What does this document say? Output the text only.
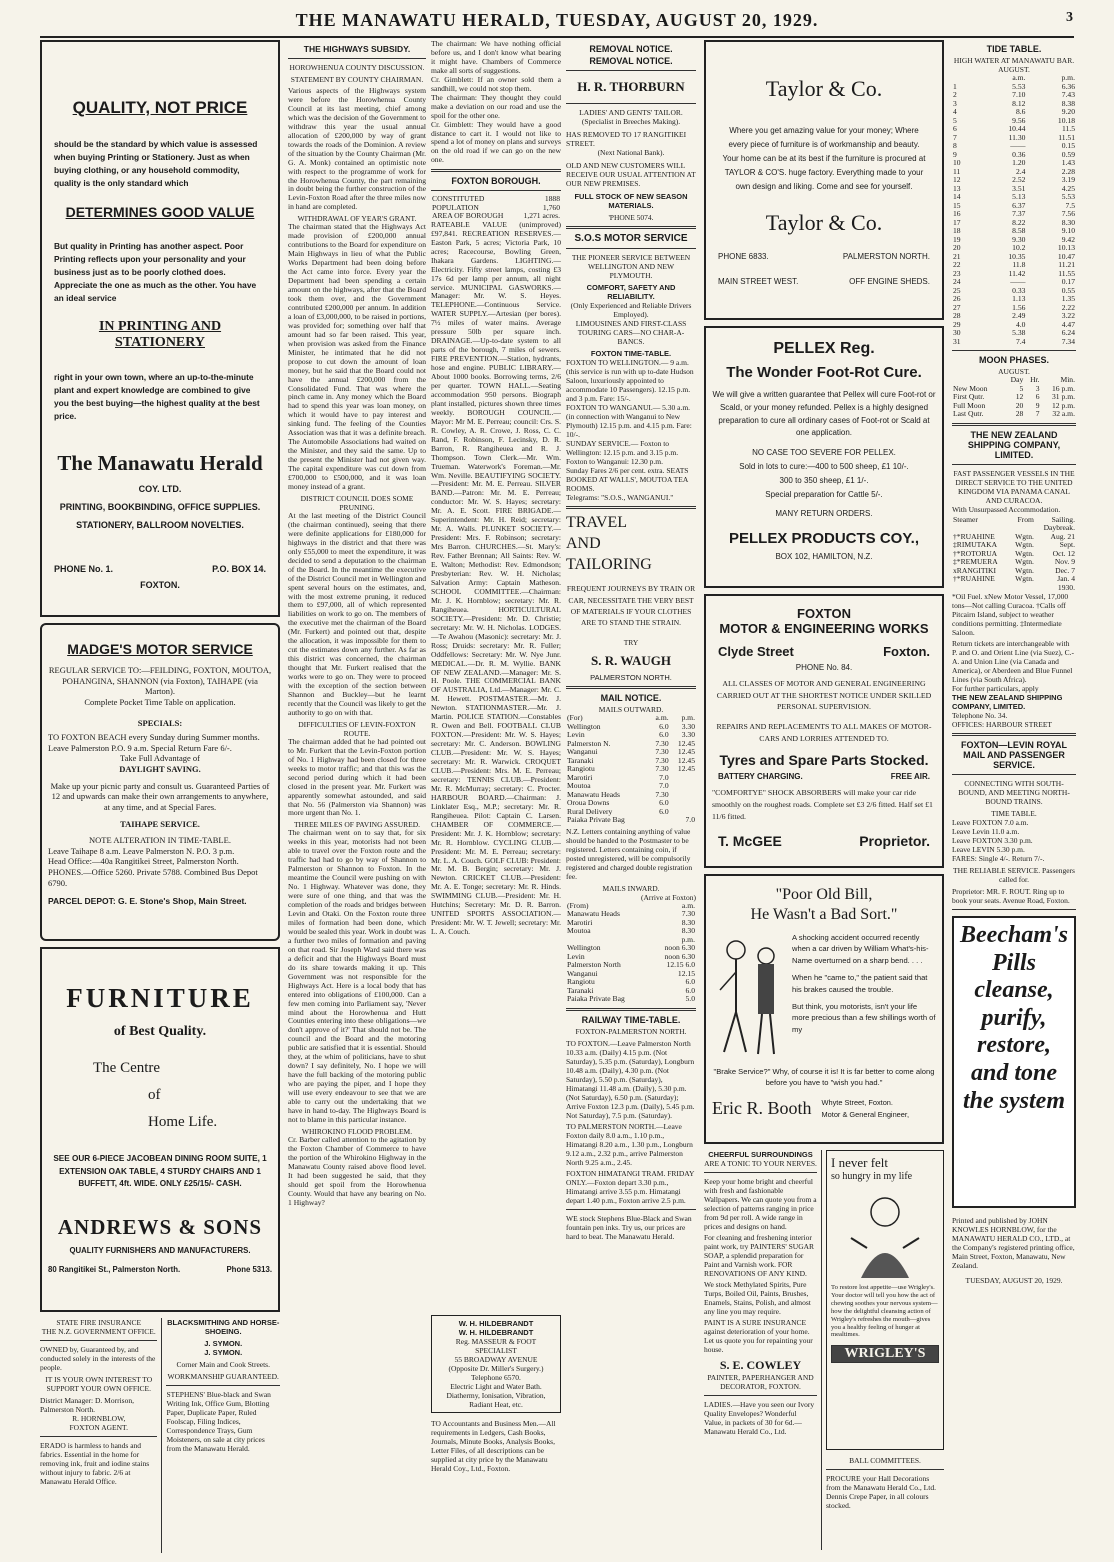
THE MANAWATU HERALD, TUESDAY, AUGUST 20, 1929.	3
QUALITY, NOT PRICE
should be the standard by which value is assessed when buying Printing or Stationery. Just as when buying clothing, or any household commodity, quality is the only standard which
DETERMINES GOOD VALUE
But quality in Printing has another aspect. Poor Printing reflects upon your personality and your business just as to be poorly clothed does. Appreciate the one as much as the other. You have an ideal service
IN PRINTING AND STATIONERY
right in your own town, where an up-to-the-minute plant and expert knowledge are combined to give you the best buying—the highest quality at the best price.
The Manawatu Herald
COY. LTD.
PRINTING, BOOKBINDING, OFFICE SUPPLIES.
STATIONERY, BALLROOM NOVELTIES.
PHONE No. 1.	P.O. BOX 14.
FOXTON.
MADGE'S MOTOR SERVICE
REGULAR SERVICE TO:—FEILDING, FOXTON, MOUTOA, POHANGINA, SHANNON (via Foxton), TAIHAPE (via Marton).
Complete Pocket Time Table on application.
SPECIALS:
TO FOXTON BEACH every Sunday during Summer months. Leave Palmerston P.O. 9 a.m. Special Return Fare 6/-.
Take Full Advantage of
DAYLIGHT SAVING.
Make up your picnic party and consult us. Guaranteed Parties of 12 and upwards can make their own arrangements to anywhere, at any time, and at Special Fares.
TAIHAPE SERVICE.
NOTE ALTERATION IN TIME-TABLE.
Leave Taihape 8 a.m. Leave Palmerston N. P.O. 3 p.m.
Head Office:—40a Rangitikei Street, Palmerston North. PHONES.—Office 5260. Private 5788. Combined Bus Depot 6790.
PARCEL DEPOT: G. E. Stone's Shop, Main Street.
FURNITURE
of Best Quality.
The Centre
of
Home Life.
SEE OUR 6-PIECE JACOBEAN DINING ROOM SUITE, 1 EXTENSION OAK TABLE, 4 STURDY CHAIRS AND 1 BUFFETT, 4ft. WIDE. ONLY £25/15/- CASH.
ANDREWS & SONS
QUALITY FURNISHERS AND MANUFACTURERS.
80 Rangitikei St., Palmerston North.	Phone 5313.
STATE FIRE INSURANCE
THE N.Z. GOVERNMENT OFFICE.
OWNED by, Guaranteed by, and conducted solely in the interests of the people.
IT IS YOUR OWN INTEREST TO SUPPORT YOUR OWN OFFICE.
District Manager: D. Morrison, Palmerston North.
R. HORNBLOW,
FOXTON AGENT.
ERADO is harmless to hands and fabrics. Essential in the home for removing ink, fruit and iodine stains without injury to fabric. 2/6 at Manawatu Herald Office.
BLACKSMITHING AND HORSE-SHOEING.
J. SYMON.
J. SYMON.
Corner Main and Cook Streets.
WORKMANSHIP GUARANTEED.
STEPHENS' Blue-black and Swan Writing Ink, Office Gum, Blotting Paper, Duplicate Paper, Ruled Foolscap, Filing Indices, Correspondence Trays, Gum Moisteners, on sale at city prices from the Manawatu Herald.
THE HIGHWAYS SUBSIDY.
HOROWHENUA COUNTY DISCUSSION.
STATEMENT BY COUNTY CHAIRMAN.
Various aspects of the Highways system were before the Horowhenua County Council at its last meeting, chief among which was the decision of the Government to withdraw this year the usual annual allocation of £200,000 by way of grant towards the roads of the Dominion. A review of the situation by the County Chairman (Mr. G. A. Monk) contained an optimistic note with respect to the programme of work for the Horowhenua County, the part remaining in doubt being the further construction of the Levin-Foxton Road after the three miles now in hand are completed.
WITHDRAWAL OF YEAR'S GRANT.
The chairman stated that the Highways Act made provision of £200,000 annual contributions to the Board for expenditure on Main Highways in lieu of what the Public Works Department had been doing before the Act came into force. Every year the Department had been spending a certain amount on the highways, after that the Board took them over, and the Government contributed £200,000 per annum. In addition a loan of £3,000,000, to be raised in portions, was provided for; something over half that amount had so far been raised. This year, when provision was asked from the Finance Minister, he intimated that he did not propose to cut down the amount of loan money, but he said that the Board could not have the annual £200,000 from the Consolidated Fund. That was where the pinch came in. Any money which the Board had to spend this year was loan money, on which it would have to pay interest and sinking fund. The feeling of the Counties Association was that it was a definite breach. The Automobile Associations had waited on the Minister, and they said the same. Up to the present the Minister had not given way. The capital expenditure was cut down from £700,000 to £500,000, and it was loan money instead of a grant.
DISTRICT COUNCIL DOES SOME PRUNING.
At the last meeting of the District Council (the chairman continued), seeing that there were definite applications for £180,000 for highways in the district and that there was only £55,000 to meet the expenditure, it was decided to send a deputation to the chairman of the Board. In the meantime the executive of the District Council met in Wellington and spent several hours on the estimates, and, with the most extreme pruning, it reduced them to £97,000, all of which represented liabilities on work to go on. The members of the executive met the chairman of the Board (Mr. Furkert) and pointed out that, despite the allocation, it was impossible for them to cut the estimates down any further. As far as this district was concerned, the chairman thought that Mr. Furkert realised that the works were to go on. They were to proceed with the exception of the section between Shannon and Buckley—but he learnt recently that the Council was likely to get the authority to go on with that.
DIFFICULTIES OF LEVIN-FOXTON ROUTE.
The chairman added that he had pointed out to Mr. Furkert that the Levin-Foxton portion of No. 1 Highway had been closed for three weeks to motor traffic; and that this was the second period during which it had been closed in the present year. Mr. Furkert was apparently somewhat astounded, and said that No. 56 (Palmerston via Shannon) was more urgent than No. 1.
THREE MILES OF PAVING ASSURED.
The chairman went on to say that, for six weeks in this year, motorists had not been able to travel over the Foxton route and the traffic had had to go by way of Shannon to Palmerston or Shannon to Foxton. In the meantime the Council were pushing on with No. 1 Highway. Whatever was done, they were sure of one thing, and that was the completion of the roads and bridges between Levin and Otaki. On the Foxton route three miles of formation had been done, which would be sealed this year. Work in doubt was a further two miles of formation and paving on that road. Sir Joseph Ward said there was a deficit and that the Highways Board must do its share towards making it up. This Government was not responsible for the Highways Act. Here is a local body that has entered into obligations of £100,000. Can a few men coming into Parliament say, 'Never mind about the Horowhenua and Hutt Counties entering into these obligations—we don't approve of it?' That should not be. The council and the Board and the motoring public are satisfied that it is essential. Should they, at the whim of politicians, have to shut down? I say definitely, No. I hope we will have the full backing of the motoring public who are paying the piper, and I hope they will use every endeavour to see that we are able to carry out the undertaking that we have in hand to-day. The Highways Board is not to blame in this particular instance.
WHIROKINO FLOOD PROBLEM.
Cr. Barber called attention to the agitation by the Foxton Chamber of Commerce to have the portion of the Whirokino Highway in the Manawatu County raised above flood level. It had been suggested he said, that they should get spoil from the Horowhenua County. Would that have any bearing on No. 1 Highway?
The chairman: We have nothing official before us, and I don't know what bearing it might have. Chambers of Commerce make all sorts of suggestions.
Cr. Gimblett: If an owner sold them a sandhill, we could not stop them.
The chairman: They thought they could make a deviation on our road and use the spoil for the other one.
Cr. Gimblett: They would have a good distance to cart it. I would not like to spend a lot of money on plans and surveys on the old road if we can go on the new one.
FOXTON BOROUGH.
CONSTITUTED	1888
POPULATION	1,760
AREA OF BOROUGH	1,271 acres.
RATEABLE VALUE (unimproved) £97,841. RECREATION RESERVES.—Easton Park, 5 acres; Victoria Park, 10 acres; Racecourse, Bowling Green, Ihakara Gardens. LIGHTING.—Electricity. Fifty street lamps, costing £3 17s 6d per lamp per annum, all night service. MUNICIPAL GASWORKS.—Manager: Mr. W. S. Heyes. TELEPHONE.—Continuous Service. WATER SUPPLY.—Artesian (per bores). 7½ miles of water mains. Average pressure 50lb per square inch. DRAINAGE.—Up-to-date system to all parts of the borough, 7 miles of sewers. FIRE PREVENTION.—Station, hydrants, hose and engine. PUBLIC LIBRARY.—About 1000 books. Borrowing terms, 2/6 per quarter. TOWN HALL.—Seating accommodation 950 persons. Biograph plant installed, pictures shown three times weekly. BOROUGH COUNCIL.—Mayor: Mr M. E. Perreau; council: Crs. S. R. Cowley, A. R. Crowe, J. Ross, C. C. Rand, F. Robinson, F. Lecinsky, D. R. Barron, R. Rangiheuea and R. J. Thompson. Town Clerk.—Mr. Wm. Trueman. Waterwork's Foreman.—Mr. Wm. Neville. BEAUTIFYING SOCIETY.—President: Mr. M. E. Perreau. SILVER BAND.—Patron: Mr. M. E. Perreau; conductor: Mr. W. S. Hayes; secretary: Mr. A. E. Scott. FIRE BRIGADE.—Superintendent: Mr. H. Reid; secretary: Mr. A. Walls. PLUNKET SOCIETY.—President: Mrs. F. Robinson; secretary: Mrs Barron. CHURCHES.—St. Mary's: Rev. Father Brennan; All Saints: Rev. W. E. Walton; Methodist: Rev. Edmondson; Presbyterian: Rev. W. H. Nicholas; Salvation Army: Captain Matheson. SCHOOL COMMITTEE.—Chairman: Mr. J. K. Hornblow; secretary: Mr. R. Rangiheuea. HORTICULTURAL SOCIETY.—President: Mr. D. Christie; secretary: Mr. W. H. Nicholas. LODGES.—Te Awahou (Masonic): secretary: Mr. J. Ross; Druids: secretary: Mr. R. Fuller; Oddfellows: Secretary: Mr. W. Nye Junr. MEDICAL.—Dr. R. M. Wyllie. BANK OF NEW ZEALAND.—Manager: Mr. S. H. Poole. THE COMMERCIAL BANK OF AUSTRALIA, Ltd.—Manager: Mr. C. M. Hewett. POSTMASTER.—Mr. J. Newton. STATIONMASTER.—Mr. J. Martin. POLICE STATION.—Constables R. Owen and Bell. FOOTBALL CLUB FOXTON.—President: Mr. W. S. Hayes; secretary: Mr. C. Anderson. BOWLING CLUB.—President: Mr. W. S. Hayes; secretary: Mr. R. Warwick. CROQUET CLUB.—President: Mrs. M. E. Perreau; secretary: TENNIS CLUB.—President: Mr. R. McMurray; secretary: C. Procter. HARBOUR BOARD.—Chairman: J. Linklater Esq., M.P.; secretary: Mr. R. Rangiheuea. Pilot: Captain C. Larsen. CHAMBER OF COMMERCE.—President: Mr. J. K. Hornblow; secretary: Mr. R. Hornblow. CYCLING CLUB.—President: Mr. M. E. Perreau; secretary: Mr. L. A. Couch. GOLF CLUB: President: Mr. M. B. Bergin; secretary: Mr. J. Newton. CRICKET CLUB.—President: Mr. A. E. Tonge; secretary: Mr. R. Hinds. SWIMMING CLUB.—President: Mr. H. Hutchins; Secretary: Mr. D. R. Barron. UNITED SPORTS ASSOCIATION.—President: Mr. W. T. Jewell; secretary: Mr. L. A. Couch.
W. H. HILDEBRANDT
W. H. HILDEBRANDT
Reg. MASSEUR & FOOT SPECIALIST
55 BROADWAY AVENUE
(Opposite Dr. Miller's Surgery.)
Telephone 6570.
Electric Light and Water Bath. Diathermy, Ionisation, Vibration, Radiant Heat, etc.
TO Accountants and Business Men.—All requirements in Ledgers, Cash Books, Journals, Minute Books, Analysis Books, Letter Files, of all descriptions can be supplied at city price by the Manawatu Herald Coy., Ltd., Foxton.
REMOVAL NOTICE.
REMOVAL NOTICE.
H. R. THORBURN
LADIES' AND GENTS' TAILOR.
(Specialist in Breeches Making).
HAS REMOVED TO 17 RANGITIKEI STREET.
(Next National Bank).
OLD AND NEW CUSTOMERS WILL RECEIVE OUR USUAL ATTENTION AT OUR NEW PREMISES.
FULL STOCK OF NEW SEASON MATERIALS.
'PHONE 5074.
S.O.S MOTOR SERVICE
THE PIONEER SERVICE BETWEEN WELLINGTON AND NEW PLYMOUTH.
COMFORT, SAFETY AND RELIABILITY.
(Only Experienced and Reliable Drivers Employed).
LIMOUSINES AND FIRST-CLASS TOURING CARS—NO CHAR-A-BANCS.
FOXTON TIME-TABLE.
FOXTON TO WELLINGTON.— 9 a.m. (this service is run with up to-date Hudson Saloon, luxuriously appointed to accommodate 10 Passengers). 12.15 p.m. and 3 p.m. Fare: 15/-.
FOXTON TO WANGANUI.— 5.30 a.m. (in connection with Wanganui to New Plymouth) 12.15 p.m. and 4.15 p.m. Fare: 10/-.
SUNDAY SERVICE.— Foxton to Wellington: 12.15 p.m. and 3.15 p.m. Foxton to Wanganui: 12.30 p.m.
Sunday Fares 2/6 per cent. extra. SEATS BOOKED AT WALLS', MOUTOA TEA ROOMS.
Telegrams: "S.O.S., WANGANUI."
TRAVEL
AND
TAILORING
FREQUENT JOURNEYS BY TRAIN OR CAR, NECESSITATE THE VERY BEST OF MATERIALS IF YOUR CLOTHES ARE TO STAND THE STRAIN.
TRY
S. R. WAUGH
PALMERSTON NORTH.
MAIL NOTICE.
MAILS OUTWARD.
(For)	a.m.	p.m.
Wellington	6.0	3.30
Levin	6.0	3.30
Palmerston N.	7.30	12.45
Wanganui	7.30	12.45
Taranaki	7.30	12.45
Rangiotu	7.30	12.45
Marotiri	7.0	
Moutoa	7.0	
Manawatu Heads	7.30	
Oroua Downs	6.0	
Rural Delivery	6.0	
Paiaka Private Bag		7.0
N.Z. Letters containing anything of value should be handed to the Postmaster to be registered. Letters containing coin, if posted unregistered, will be compulsorily registered and charged double registration fee.
MAILS INWARD.
(Arrive at Foxton)
(From)	a.m.
Manawatu Heads	7.30
Marotiri	8.30
Moutoa	8.30
	p.m.
Wellington	noon 6.30
Levin	noon 6.30
Palmerston North	12.15 6.0
Wanganui	12.15
Rangiotu	6.0
Taranaki	6.0
Paiaka Private Bag	5.0
RAILWAY TIME-TABLE.
FOXTON-PALMERSTON NORTH.
TO FOXTON.—Leave Palmerston North 10.33 a.m. (Daily) 4.15 p.m. (Not Saturday), 5.35 p.m. (Saturday), Longburn 10.48 a.m. (Daily), 4.30 p.m. (Not Saturday), 5.50 p.m. (Saturday), Himatangi 11.48 a.m. (Daily), 5.30 p.m. (Not Saturday), 6.50 p.m. (Saturday); Arrive Foxton 12.3 p.m. (Daily), 5.45 p.m. Not Saturday), 7.5 p.m. (Saturday).
TO PALMERSTON NORTH.—Leave Foxton daily 8.0 a.m., 1.10 p.m., Himatangi 8.20 a.m., 1.30 p.m., Longburn 9.12 a.m., 2.32 p.m., arrive Palmerston North 9.25 a.m., 2.45.
FOXTON HIMATANGI TRAM. FRIDAY ONLY.—Foxton depart 3.30 p.m., Himatangi arrive 3.55 p.m. Himatangi depart 1.40 p.m., Foxton arrive 2.5 p.m.
WE stock Stephens Blue-Black and Swan fountain pen inks. Try us, our prices are hard to beat. The Manawatu Herald.
Taylor & Co.
Where you get amazing value for your money; Where every piece of furniture is of workmanship and beauty. Your home can be at its best if the furniture is procured at TAYLOR & CO'S. huge factory. Everything made to your own design and liking. Come and see for yourself.
Taylor & Co.
PHONE 6833.	PALMERSTON NORTH.
MAIN STREET WEST.	OFF ENGINE SHEDS.
PELLEX Reg.
The Wonder Foot-Rot Cure.
We will give a written guarantee that Pellex will cure Foot-rot or Scald, or your money refunded. Pellex is a highly designed preparation to cure all ordinary cases of Foot-rot or Scald at one application.
NO CASE TOO SEVERE FOR PELLEX.
Sold in lots to cure:—400 to 500 sheep, £1 10/-.
300 to 350 sheep, £1 1/-.
Special preparation for Cattle 5/-.
MANY RETURN ORDERS.
PELLEX PRODUCTS COY.,
BOX 102, HAMILTON, N.Z.
FOXTON
MOTOR & ENGINEERING WORKS
Clyde Street	Foxton.
PHONE No. 84.
ALL CLASSES OF MOTOR AND GENERAL ENGINEERING CARRIED OUT AT THE SHORTEST NOTICE UNDER SKILLED PERSONAL SUPERVISION.
REPAIRS AND REPLACEMENTS TO ALL MAKES OF MOTOR-CARS AND LORRIES ATTENDED TO.
Tyres and Spare Parts Stocked.
BATTERY CHARGING.	FREE AIR.
"COMFORTYE" SHOCK ABSORBERS will make your car ride smoothly on the roughest roads. Complete set £3 2/6 fitted. Half set £1 11/6 fitted.
T. McGEE	Proprietor.
"Poor Old Bill,
He Wasn't a Bad Sort."
A shocking accident occurred recently when a car driven by William What's-his-Name overturned on a sharp bend. . . .
When he "came to," the patient said that his brakes caused the trouble.
But think, you motorists, isn't your life more precious than a few shillings worth of my
"Brake Service?" Why, of course it is! It is far better to come along before you have to "wish you had."
Eric R. Booth Whyte Street, Foxton.
Motor & General Engineer,
CHEERFUL SURROUNDINGS
ARE A TONIC TO YOUR NERVES.
Keep your home bright and cheerful with fresh and fashionable Wallpapers. We can quote you from a selection of patterns ranging in price from 9d per roll. A wide range in prices and designs on hand.
For cleaning and freshening interior paint work, try PAINTERS' SUGAR SOAP, a splendid preparation for Paint and Varnish work. FOR RENOVATIONS OF ANY KIND.
We stock Methylated Spirits, Pure Turps, Boiled Oil, Paints, Brushes, Enamels, Stains, Polish, and almost any line you may require.
PAINT IS A SURE INSURANCE against deterioration of your home. Let us quote you for repainting your house.
S. E. COWLEY
PAINTER, PAPERHANGER AND DECORATOR, FOXTON.
LADIES.—Have you seen our Ivory Quality Envelopes? Wonderful Value, in packets of 30 for 6d.—Manawatu Herald Co., Ltd.
I never felt
so hungry in my life
To restore lost appetite—use Wrigley's. Your doctor will tell you how the act of chewing soothes your nervous system—how the delightful cleansing action of Wrigley's refreshes the mouth—gives you a healthy feeling of hunger at mealtimes.
WRIGLEY'S
BALL COMMITTEES.
PROCURE your Hall Decorations from the Manawatu Herald Co., Ltd. Dennis Crepe Paper, in all colours stocked.
TIDE TABLE.
HIGH WATER AT MANAWATU BAR.
AUGUST.
	a.m.	p.m.
1	5.53	6.36
2	7.10	7.43
3	8.12	8.38
4	8.6	9.20
5	9.56	10.18
6	10.44	11.5
7	11.30	11.51
8	——	0.15
9	0.36	0.59
10	1.20	1.43
11	2.4	2.28
12	2.52	3.19
13	3.51	4.25
14	5.13	5.53
15	6.37	7.5
16	7.37	7.56
17	8.22	8.30
18	8.58	9.10
19	9.30	9.42
20	10.2	10.13
21	10.35	10.47
22	11.8	11.21
23	11.42	11.55
24	——	0.17
25	0.33	0.55
26	1.13	1.35
27	1.56	2.22
28	2.49	3.22
29	4.0	4.47
30	5.38	6.24
31	7.4	7.34
MOON PHASES.
AUGUST.
	Day	Hr.	Min.
New Moon	5	3	16 p.m.
First Qutr.	12	6	31 p.m.
Full Moon	20	9	12 p.m.
Last Qutr.	28	7	32 a.m.
THE NEW ZEALAND SHIPPING COMPANY, LIMITED.
FAST PASSENGER VESSELS IN THE DIRECT SERVICE TO THE UNITED KINGDOM VIA PANAMA CANAL AND CURACOA.
With Unsurpassed Accommodation.
Steamer	From	Sailing.
		Daybreak.
†*RUAHINE	Wgtn.	Aug. 21
‡RIMUTAKA	Wgtn.	Sept.
†*ROTORUA	Wgtn.	Oct. 12
‡*REMUERA	Wgtn.	Nov. 9
xRANGITIKI	Wgtn.	Dec. 7
†*RUAHINE	Wgtn.	Jan. 4
		1930.
*Oil Fuel. xNew Motor Vessel, 17,000 tons—Not calling Curacoa. †Calls off Pitcairn Island, subject to weather conditions permitting. ‡Intermediate Saloon.
Return tickets are interchangeable with P. and O. and Orient Line (via Suez), C.-A. and Union Line (via Canada and America), or Aberdeen and Blue Funnel Lines (via South Africa).
For further particulars, apply
THE NEW ZEALAND SHIPPING COMPANY, LIMITED.
Telephone No. 34.
OFFICES: HARBOUR STREET
FOXTON—LEVIN ROYAL MAIL AND PASSENGER SERVICE.
CONNECTING WITH SOUTH-BOUND, AND MEETING NORTH-BOUND TRAINS.
TIME TABLE.
Leave FOXTON 7.0 a.m.
Leave Levin 11.0 a.m.
Leave FOXTON 3.30 p.m.
Leave LEVIN 5.30 p.m.
FARES: Single 4/-. Return 7/-.
THE RELIABLE SERVICE. Passengers called for.
Proprietor: MR. F. ROUT. Ring up to book your seats. Avenue Road, Foxton.
Beecham's
Pills
cleanse,
purify,
restore,
and tone
the system
Printed and published by JOHN KNOWLES HORNBLOW, for the MANAWATU HERALD CO., LTD., at the Company's registered printing office, Main Street, Foxton, Manawatu, New Zealand.
TUESDAY, AUGUST 20, 1929.
